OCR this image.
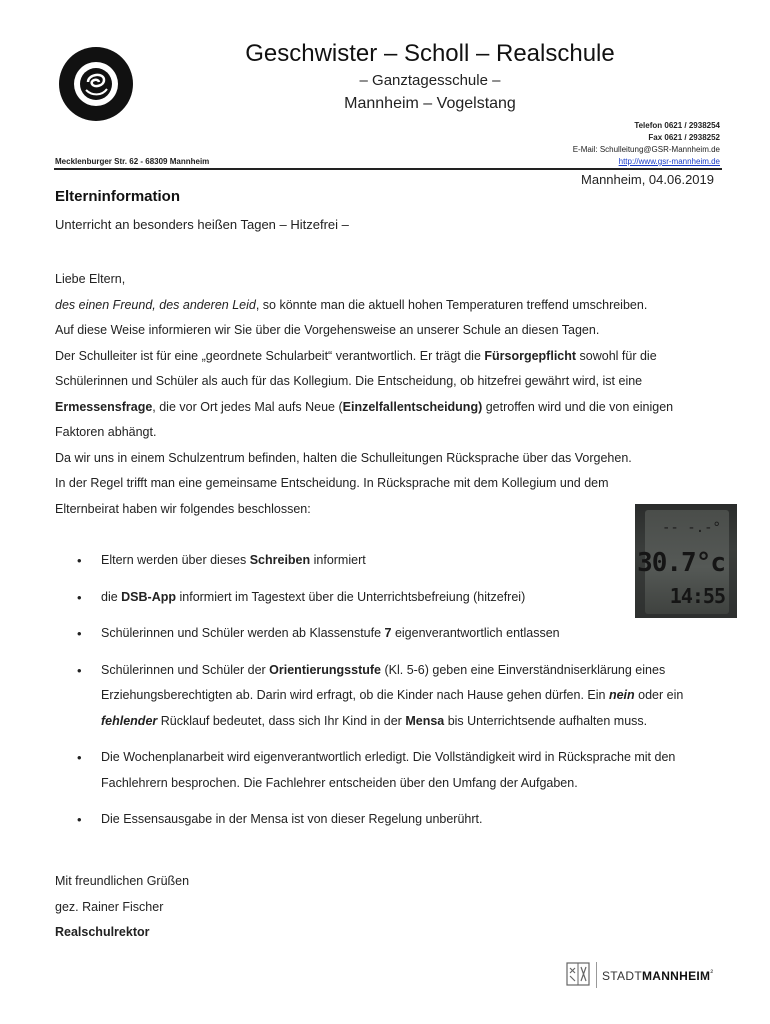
Geschwister – Scholl – Realschule
– Ganztagesschule –
Mannheim – Vogelstang
Telefon 0621 / 2938254
Fax 0621 / 2938252
E-Mail: Schulleitung@GSR-Mannheim.de
http://www.gsr-mannheim.de
Mecklenburger Str. 62 - 68309 Mannheim
Mannheim, 04.06.2019
Elterninformation
Unterricht an besonders heißen Tagen – Hitzefrei –
Liebe Eltern,
des einen Freund, des anderen Leid, so könnte man die aktuell hohen Temperaturen treffend umschreiben.
Auf diese Weise informieren wir Sie über die Vorgehensweise an unserer Schule an diesen Tagen.
Der Schulleiter ist für eine „geordnete Schularbeit“ verantwortlich. Er trägt die Fürsorgepflicht sowohl für die Schülerinnen und Schüler als auch für das Kollegium. Die Entscheidung, ob hitzefrei gewährt wird, ist eine Ermessensfrage, die vor Ort jedes Mal aufs Neue (Einzelfallentscheidung) getroffen wird und die von einigen Faktoren abhängt.
Da wir uns in einem Schulzentrum befinden, halten die Schulleitungen Rücksprache über das Vorgehen. In der Regel trifft man eine gemeinsame Entscheidung. In Rücksprache mit dem Kollegium und dem Elternbeirat haben wir folgendes beschlossen:
-- -.-°
30.7°c
14:55
• Eltern werden über dieses Schreiben informiert
• die DSB-App informiert im Tagestext über die Unterrichtsbefreiung (hitzefrei)
• Schülerinnen und Schüler werden ab Klassenstufe 7 eigenverantwortlich entlassen
• Schülerinnen und Schüler der Orientierungsstufe (Kl. 5-6) geben eine Einverständniserklärung eines Erziehungsberechtigten ab. Darin wird erfragt, ob die Kinder nach Hause gehen dürfen. Ein nein oder ein fehlender Rücklauf bedeutet, dass sich Ihr Kind in der Mensa bis Unterrichtsende aufhalten muss.
• Die Wochenplanarbeit wird eigenverantwortlich erledigt. Die Vollständigkeit wird in Rücksprache mit den Fachlehrern besprochen. Die Fachlehrer entscheiden über den Umfang der Aufgaben.
• Die Essensausgabe in der Mensa ist von dieser Regelung unberührt.
Mit freundlichen Grüßen
gez. Rainer Fischer
Realschulrektor
$STADTMANNHEIM^{^2}$
